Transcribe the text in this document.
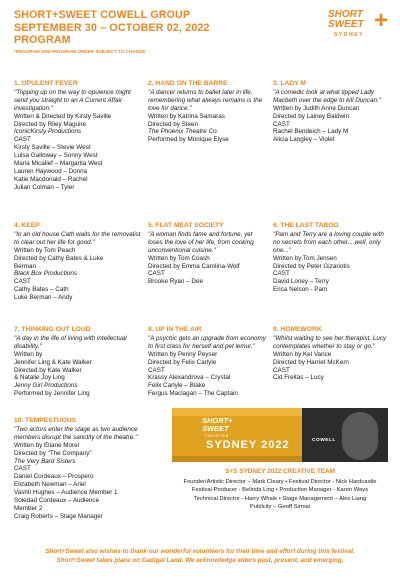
SHORT+SWEET COWELL GROUP
SEPTEMBER 30 – OCTOBER 02, 2022
PROGRAM
*PROGRAM AND PROGRAM ORDER SUBJECT TO CHANGE
SHORT
SWEET
SYDNEY
+
1. OPULENT FEVER
"Tripping up on the way to opulence might send you straight to an A Current Affair investigation."
Written & Directed by Kirsty Saville
Directed by Riley Maguire
IconicKirsty Productions
CAST
Kirsty Saville – Stevie West
Luisa Galloway – Sonny West
Maria Micallef – Margarita West
Lauren Haywood – Donna
Katie Macdonald – Rachel
Julian Colman – Tyler
2. HAND ON THE BARRE
"A dancer returns to ballet later in life, remembering what always remains is the love for dance."
Written by Katrina Samaras
Directed by Steen
The Phoenix Theatre Co.
Performed by Monique Elyse
3. LADY M
"A comedic look at what tipped Lady Macbeth over the edge to kill Duncan."
Written by Judith Anne Duncan
Directed by Lainey Baldwin
CAST
Rachel Bendeich – Lady M
Alicia Langley – Violet
4. KEEP
"In an old house Cath waits for the removalist to clear out her life for good."
Written by Tom Peach
Directed by Cathy Bates & Luke
Berman
Black Box Productions
CAST
Cathy Bates – Cath
Luke Berman – Andy
5. FLAT MEAT SOCIETY
"A woman finds fame and fortune, yet loses the love of her life, from cooking unconventional cuisine."
Written by Tom Coash
Directed by Emma Carolina-Wolf
CAST
Brooke Ryan – Dee
6. THE LAST TABOO
"Pam and Terry are a loving couple with no secrets from each other... well, only one..."
Written by Tom Jensen
Directed by Peter Gizariotis
CAST
David Loney – Terry
Erica Nelson - Pam
7. THINKING OUT LOUD
"A day in the life of living with intellectual disability."
Written by
Jennifer Ling & Kate Walker
Directed by Kate Walker
& Natalie Joy Ling
Jenny Girl Productions
Performed by Jennifer Ling
8. UP IN THE AIR
"A psychic gets an upgrade from economy to first class for herself and pet lemur."
Written by Penny Peyser
Directed by Felix Carlyle
CAST
Krassy Alexandrova – Crystal
Felix Carlyle – Blake
Fergus Maclagan – The Captain
9. HOMEWORK
"Whilst waiting to see her therapist, Lucy contemplates whether to stay or go."
Written by Kel Vance
Directed by Harriet McKern
CAST
Cid Freitas – Lucy
10. TEMPESTUOUS
"Two actors enter the stage as two audience members disrupt the sanctity of the theatre."
Written by Eliane Morel
Directed by "The Company"
The Very Bard Sisters
CAST
Daniel Cordeaux – Prospero
Elizabeth Newman – Ariel
Vashti Hughes – Audience Member 1
Soledad Cordeaux – Audience
Member 2
Craig Roberts – Stage Manager
SHORT+
SWEET
THEATRE
SYDNEY 2022	COWELL
S+S SYDNEY 2022 CREATIVE TEAM
Founder/Artistic Director – Mark Cleary • Festival Director - Nick Hardcastle
Festival Producer - Belinda Ling • Production Manager - Karen Ways
Technical Director - Harry Whale • Stage Management – Alex Liang
Publicity – Geoff Sirmai
Short+Sweet also wishes to thank our wonderful volunteers for their time and effort during this festival.
Short+Sweet takes place on Gadigal Land. We acknowledge elders past, present, and emerging.
